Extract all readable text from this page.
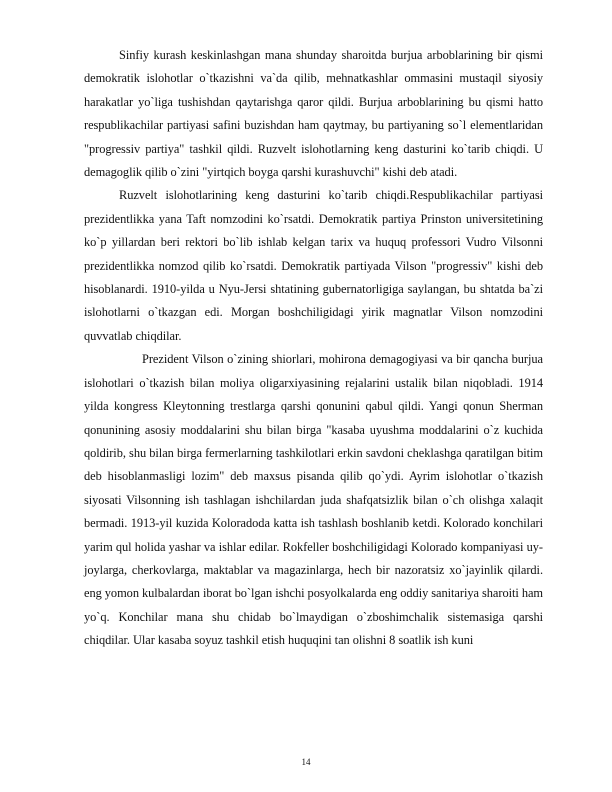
Sinfiy kurash keskinlashgan mana shunday sharoitda burjua arboblarining bir qismi demokratik islohotlar o`tkazishni va`da qilib, mehnatkashlar ommasini mustaqil siyosiy harakatlar yo`liga tushishdan qaytarishga qaror qildi. Burjua arboblarining bu qismi hatto respublikachilar partiyasi safini buzishdan ham qaytmay, bu partiyaning so`l elementlaridan "progressiv partiya" tashkil qildi. Ruzvelt islohotlarning keng dasturini ko`tarib chiqdi. U demagoglik qilib o`zini "yirtqich boyga qarshi kurashuvchi" kishi deb atadi.

Ruzvelt islohotlarining keng dasturini ko`tarib chiqdi.Respublikachilar partiyasi prezidentlikka yana Taft nomzodini ko`rsatdi. Demokratik partiya Prinston universitetining ko`p yillardan beri rektori bo`lib ishlab kelgan tarix va huquq professori Vudro Vilsonni prezidentlikka nomzod qilib ko`rsatdi. Demokratik partiyada Vilson "progressiv" kishi deb hisoblanardi. 1910-yilda u Nyu-Jersi shtatining gubernatorligiga saylangan, bu shtatda ba`zi islohotlarni o`tkazgan edi. Morgan boshchiligidagi yirik magnatlar Vilson nomzodini quvvatlab chiqdilar.

Prezident Vilson o`zining shiorlari, mohirona demagogiyasi va bir qancha burjua islohotlari o`tkazish bilan moliya oligarxiyasining rejalarini ustalik bilan niqobladi. 1914 yilda kongress Kleytonning trestlarga qarshi qonunini qabul qildi. Yangi qonun Sherman qonunining asosiy moddalarini shu bilan birga "kasaba uyushma moddalarini o`z kuchida qoldirib, shu bilan birga fermerlarning tashkilotlari erkin savdoni cheklashga qaratilgan bitim deb hisoblanmasligi lozim" deb maxsus pisanda qilib qo`ydi. Ayrim islohotlar o`tkazish siyosati Vilsonning ish tashlagan ishchilardan juda shafqatsizlik bilan o`ch olishga xalaqit bermadi. 1913-yil kuzida Koloradoda katta ish tashlash boshlanib ketdi. Kolorado konchilari yarim qul holida yashar va ishlar edilar. Rokfeller boshchiligidagi Kolorado kompaniyasi uy-joylarga, cherkovlarga, maktablar va magazinlarga, hech bir nazoratsiz xo`jayinlik qilardi. eng yomon kulbalardan iborat bo`lgan ishchi posyolkalarda eng oddiy sanitariya sharoiti ham yo`q. Konchilar mana shu chidab bo`lmaydigan o`zboshimchalik sistemasiga qarshi chiqdilar. Ular kasaba soyuz tashkil etish huquqini tan olishni 8 soatlik ish kuni

14
